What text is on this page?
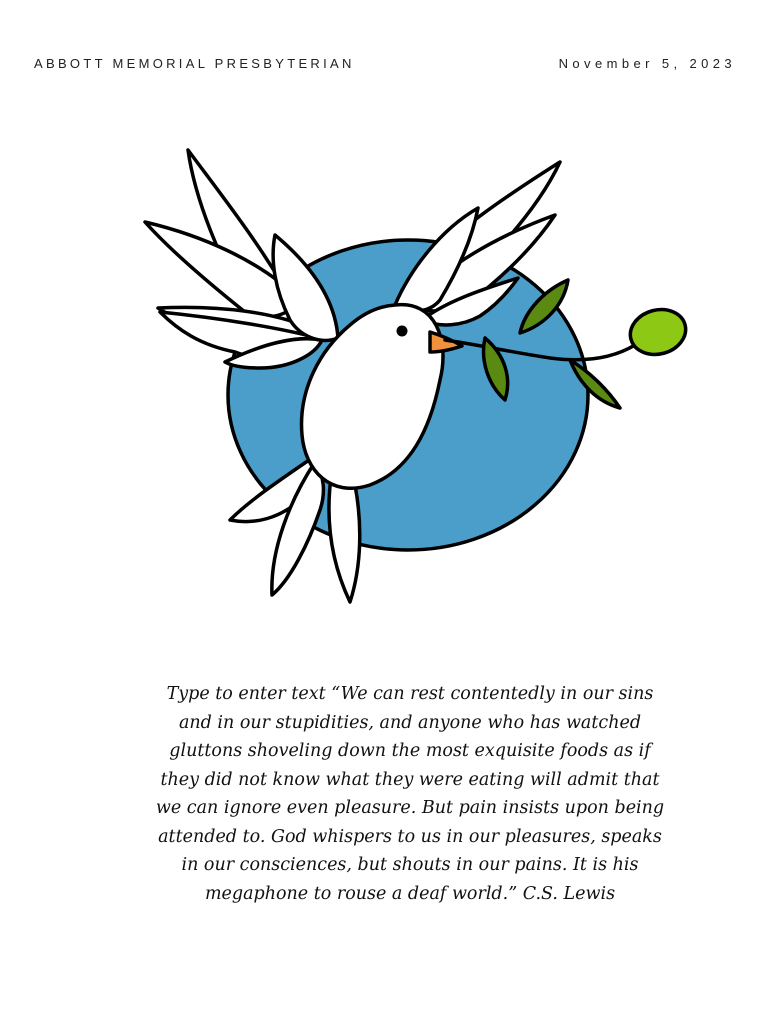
ABBOTT MEMORIAL PRESBYTERIAN	November 5, 2023

Type to enter text “We can rest contentedly in our sins and in our stupidities, and anyone who has watched gluttons shoveling down the most exquisite foods as if they did not know what they were eating will admit that we can ignore even pleasure. But pain insists upon being attended to. God whispers to us in our pleasures, speaks in our consciences, but shouts in our pains. It is his megaphone to rouse a deaf world.” C.S. Lewis
